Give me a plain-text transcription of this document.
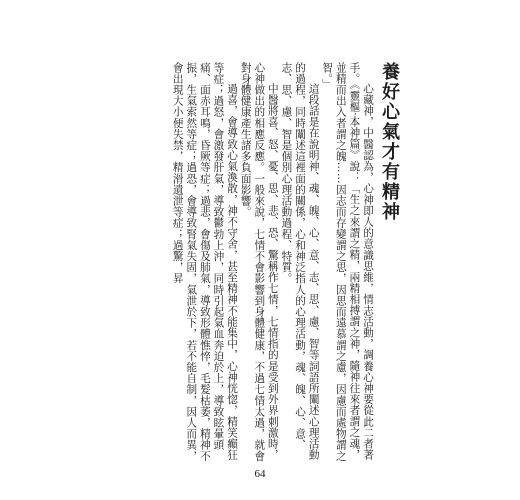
養好心氣才有精神

心藏神，中醫認為，心神即人的意識思維，情志活動，調養心神要從此二者著手。《靈樞‧本神篇》說：「生之來謂之精，兩精相搏謂之神，隨神往來者謂之魂，並精而出入者謂之魄……因志而存變謂之思，因思而遠慕謂之慮，因慮而處物謂之智。」

這段話是在說明神、魂、魄、心、意、志、思、慮、智等詞語所闡述心理活動的過程，同時闡述這裡面的關係，心和神泛指人的心理活動，魂、魄、心、意、志、思、慮、智是個別心理活動過程、特質。

中醫將喜、怒、憂、思、悲、恐、驚稱作七情，七情指的是受到外界刺激時，心神做出的相應反應。一般來說，七情不會影響到身體健康，不過七情太過，就會對身體健康產生諸多負面影響。

過喜，會導致心氣渙散，神不守舍，甚至精神不能集中，心神恍惚，精笑癲狂等症；過怒，會激發肝氣，導致鬱勃上沖，同時引起氣血奔迫於上，導致眩暈頭痛、面赤耳鳴，昏厥等症；過悲，會傷及肺氣，導致形體憔悴，毛髮枯萎，精神不振，生氣索然等症；過恐，會導致腎氣失固，氣泄於下，若不能自制，因人而異，會出現大小便失禁，精滑遺泄等症；過驚，昇

64
